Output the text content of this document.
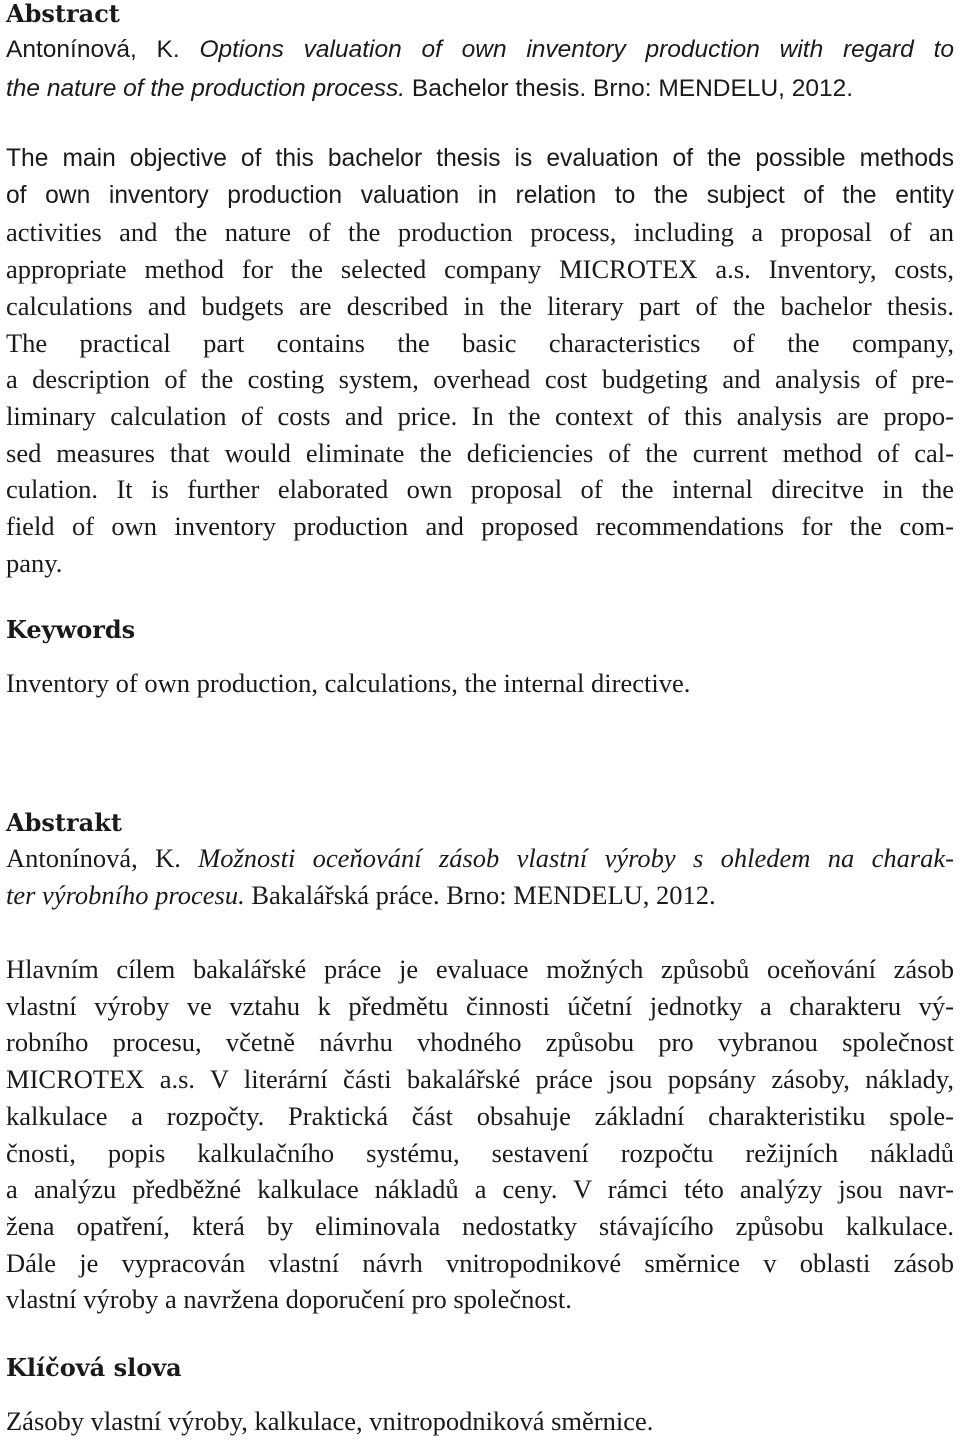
Abstract
Antonínová, K. Options valuation of own inventory production with regard to
the nature of the production process. Bachelor thesis. Brno: MENDELU, 2012.
The main objective of this bachelor thesis is evaluation of the possible methods
of own inventory production valuation in relation to the subject of the entity
activities and the nature of the production process, including a proposal of an
appropriate method for the selected company MICROTEX a.s. Inventory, costs,
calculations and budgets are described in the literary part of the bachelor thesis.
The practical part contains the basic characteristics of the company,
a description of the costing system, overhead cost budgeting and analysis of pre-
liminary calculation of costs and price. In the context of this analysis are propo-
sed measures that would eliminate the deficiencies of the current method of cal-
culation. It is further elaborated own proposal of the internal direcitve in the
field of own inventory production and proposed recommendations for the com-
pany.
Keywords

Inventory of own production, calculations, the internal directive.

Abstrakt
Antonínová, K. Možnosti oceňování zásob vlastní výroby s ohledem na charak-
ter výrobního procesu. Bakalářská práce. Brno: MENDELU, 2012.
Hlavním cílem bakalářské práce je evaluace možných způsobů oceňování zásob
vlastní výroby ve vztahu k předmětu činnosti účetní jednotky a charakteru vý-
robního procesu, včetně návrhu vhodného způsobu pro vybranou společnost
MICROTEX a.s. V literární části bakalářské práce jsou popsány zásoby, náklady,
kalkulace a rozpočty. Praktická část obsahuje základní charakteristiku spole-
čnosti, popis kalkulačního systému, sestavení rozpočtu režijních nákladů
a analýzu předběžné kalkulace nákladů a ceny. V rámci této analýzy jsou navr-
žena opatření, která by eliminovala nedostatky stávajícího způsobu kalkulace.
Dále je vypracován vlastní návrh vnitropodnikové směrnice v oblasti zásob
vlastní výroby a navržena doporučení pro společnost.
Klíčová slova

Zásoby vlastní výroby, kalkulace, vnitropodniková směrnice.
